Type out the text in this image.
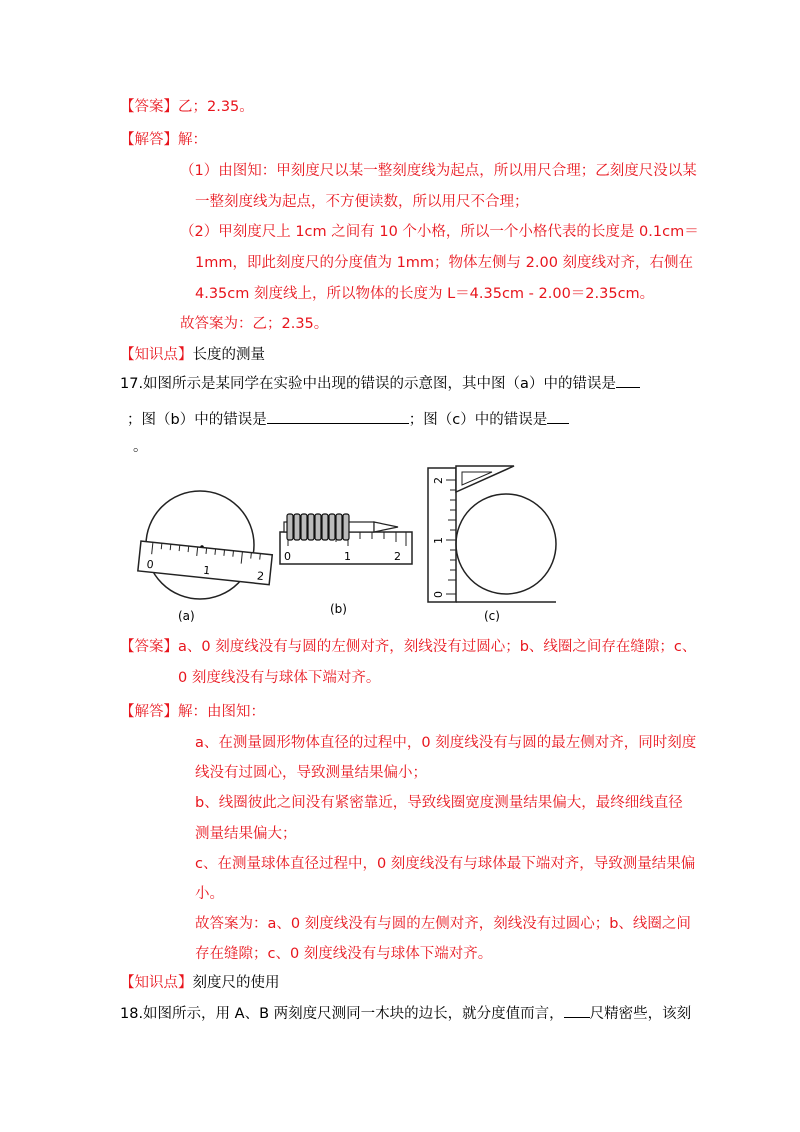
【答案】乙；2.35。
【解答】解：
（1）由图知：甲刻度尺以某一整刻度线为起点，所以用尺合理；乙刻度尺没以某
一整刻度线为起点，不方便读数，所以用尺不合理；
（2）甲刻度尺上 1cm 之间有 10 个小格，所以一个小格代表的长度是 0.1cm＝
1mm，即此刻度尺的分度值为 1mm；物体左侧与 2.00 刻度线对齐，右侧在
4.35cm 刻度线上，所以物体的长度为 L＝4.35cm ‑ 2.00＝2.35cm。
故答案为：乙；2.35。
【知识点】长度的测量
17.如图所示是某同学在实验中出现的错误的示意图，其中图（a）中的错误是
；图（b）中的错误是	；图（c）中的错误是
。
0	1	2
(a)
0	1	2
(b)
2
1
0
(c)
【答案】a、0 刻度线没有与圆的左侧对齐，刻线没有过圆心；b、线圈之间存在缝隙；c、
0 刻度线没有与球体下端对齐。
【解答】解：由图知：
a、在测量圆形物体直径的过程中，0 刻度线没有与圆的最左侧对齐，同时刻度
线没有过圆心，导致测量结果偏小；
b、线圈彼此之间没有紧密靠近，导致线圈宽度测量结果偏大，最终细线直径
测量结果偏大；
c、在测量球体直径过程中，0 刻度线没有与球体最下端对齐，导致测量结果偏
小。
故答案为：a、0 刻度线没有与圆的左侧对齐，刻线没有过圆心；b、线圈之间
存在缝隙；c、0 刻度线没有与球体下端对齐。
【知识点】刻度尺的使用
18.如图所示，用 A、B 两刻度尺测同一木块的边长，就分度值而言， 尺精密些，该刻
